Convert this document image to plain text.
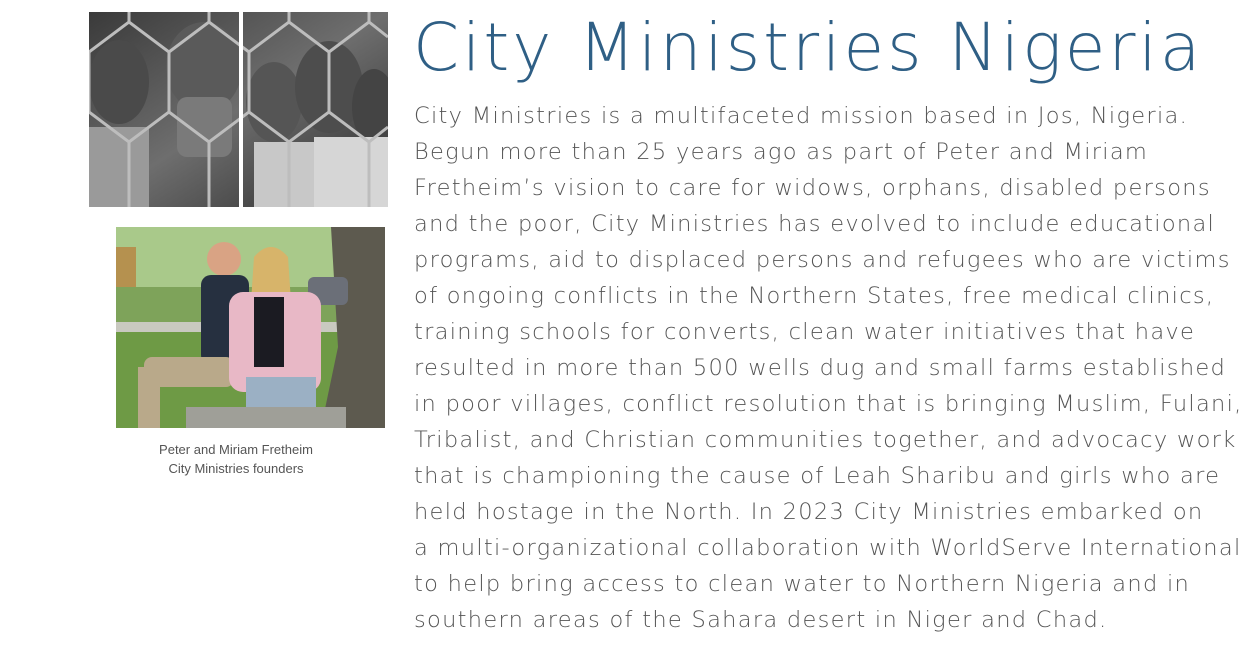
Peter and Miriam Fretheim
City Ministries founders
City Ministries Nigeria
City Ministries is a multifaceted mission based in Jos, Nigeria.
Begun more than 25 years ago as part of Peter and Miriam
Fretheim’s vision to care for widows, orphans, disabled persons
and the poor, City Ministries has evolved to include educational
programs, aid to displaced persons and refugees who are victims
of ongoing conflicts in the Northern States, free medical clinics,
training schools for converts, clean water initiatives that have
resulted in more than 500 wells dug and small farms established
in poor villages, conflict resolution that is bringing Muslim, Fulani,
Tribalist, and Christian communities together, and advocacy work
that is championing the cause of Leah Sharibu and girls who are
held hostage in the North. In 2023 City Ministries embarked on
a multi-organizational collaboration with WorldServe International
to help bring access to clean water to Northern Nigeria and in
southern areas of the Sahara desert in Niger and Chad.
